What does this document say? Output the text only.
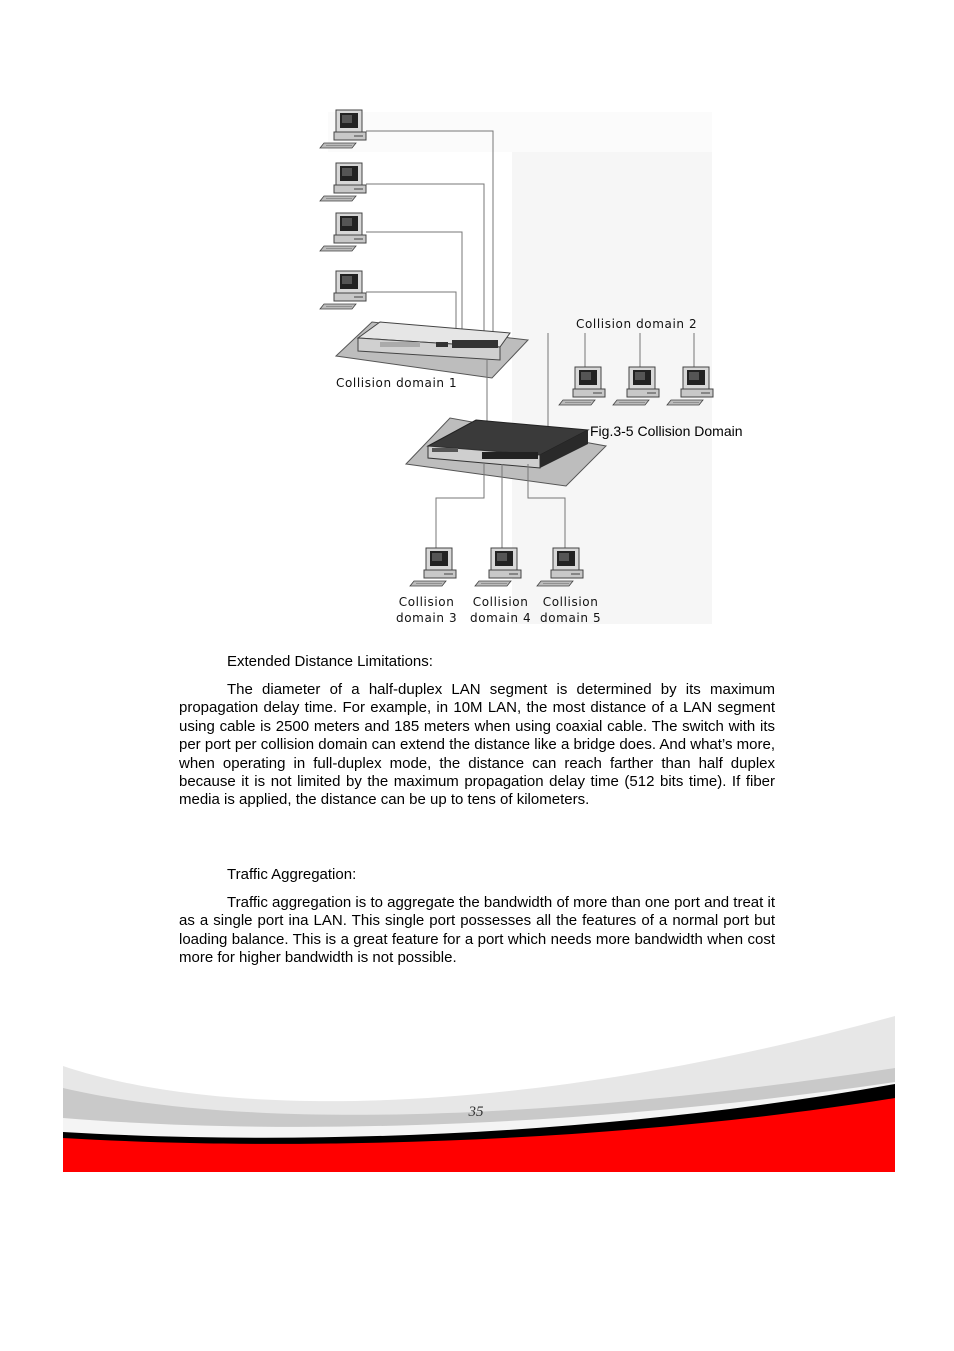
Collision domain 1
Collision domain 2
Collision
domain 3
Collision
domain 4
Collision
domain 5
Fig.3-5 Collision Domain
Extended Distance Limitations:

The diameter of a half-duplex LAN segment is determined by its maximum propagation delay time. For example, in 10M LAN, the most distance of a LAN segment using cable is 2500 meters and 185 meters when using coaxial cable. The switch with its per port per collision domain can extend the distance like a bridge does. And what’s more, when operating in full-duplex mode, the distance can reach farther than half duplex because it is not limited by the maximum propagation delay time (512 bits time). If fiber media is applied, the distance can be up to tens of kilometers.

Traffic Aggregation:

Traffic aggregation is to aggregate the bandwidth of more than one port and treat it as a single port ina LAN. This single port possesses all the features of a normal port but loading balance. This is a great feature for a port which needs more bandwidth when cost more for higher bandwidth is not possible.

35
